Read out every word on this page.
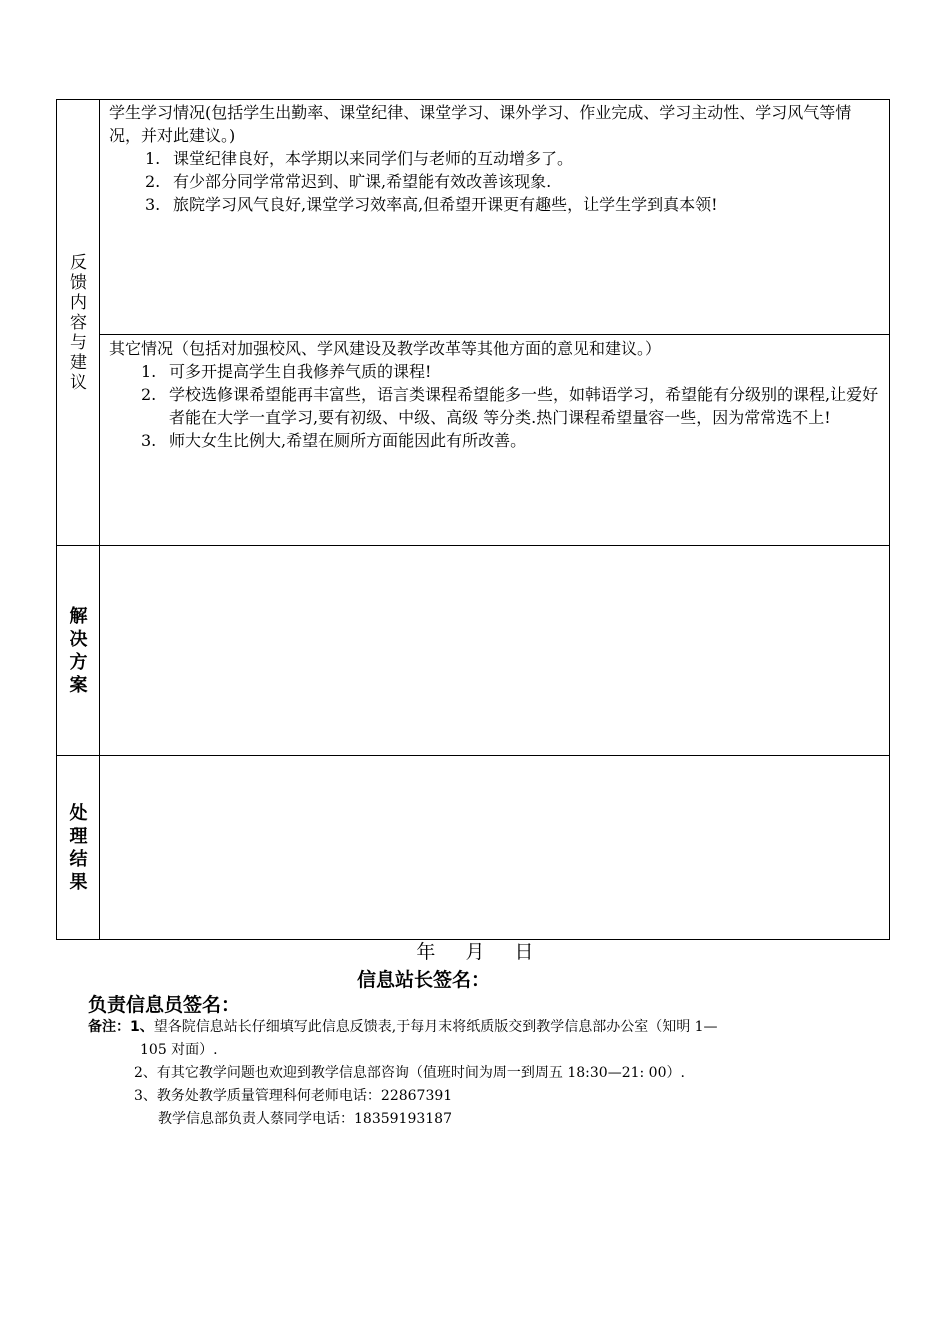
反
馈
内
容
与
建
议

学生学习情况(包括学生出勤率、课堂纪律、课堂学习、课外学习、作业完成、学习主动性、学习风气等情况，并对此建议。)

1. 课堂纪律良好，本学期以来同学们与老师的互动增多了。

2. 有少部分同学常常迟到、旷课,希望能有效改善该现象.

3. 旅院学习风气良好,课堂学习效率高,但希望开课更有趣些，让学生学到真本领!

其它情况（包括对加强校风、学风建设及教学改革等其他方面的意见和建议。）

1. 可多开提高学生自我修养气质的课程!

2. 学校选修课希望能再丰富些，语言类课程希望能多一些，如韩语学习，希望能有分级别的课程,让爱好者能在大学一直学习,要有初级、中级、高级 等分类.热门课程希望量容一些，因为常常选不上!

3. 师大女生比例大,希望在厕所方面能因此有所改善。

解
决
方
案
处
理
结
果
年 月 日
信息站长签名：
负责信息员签名：
备注：1、望各院信息站长仔细填写此信息反馈表,于每月末将纸质版交到教学信息部办公室（知明 1—
105 对面）.
2、有其它教学问题也欢迎到教学信息部咨询（值班时间为周一到周五 18:30—21: 00）.
3、教务处教学质量管理科何老师电话：22867391
教学信息部负责人蔡同学电话：18359193187
